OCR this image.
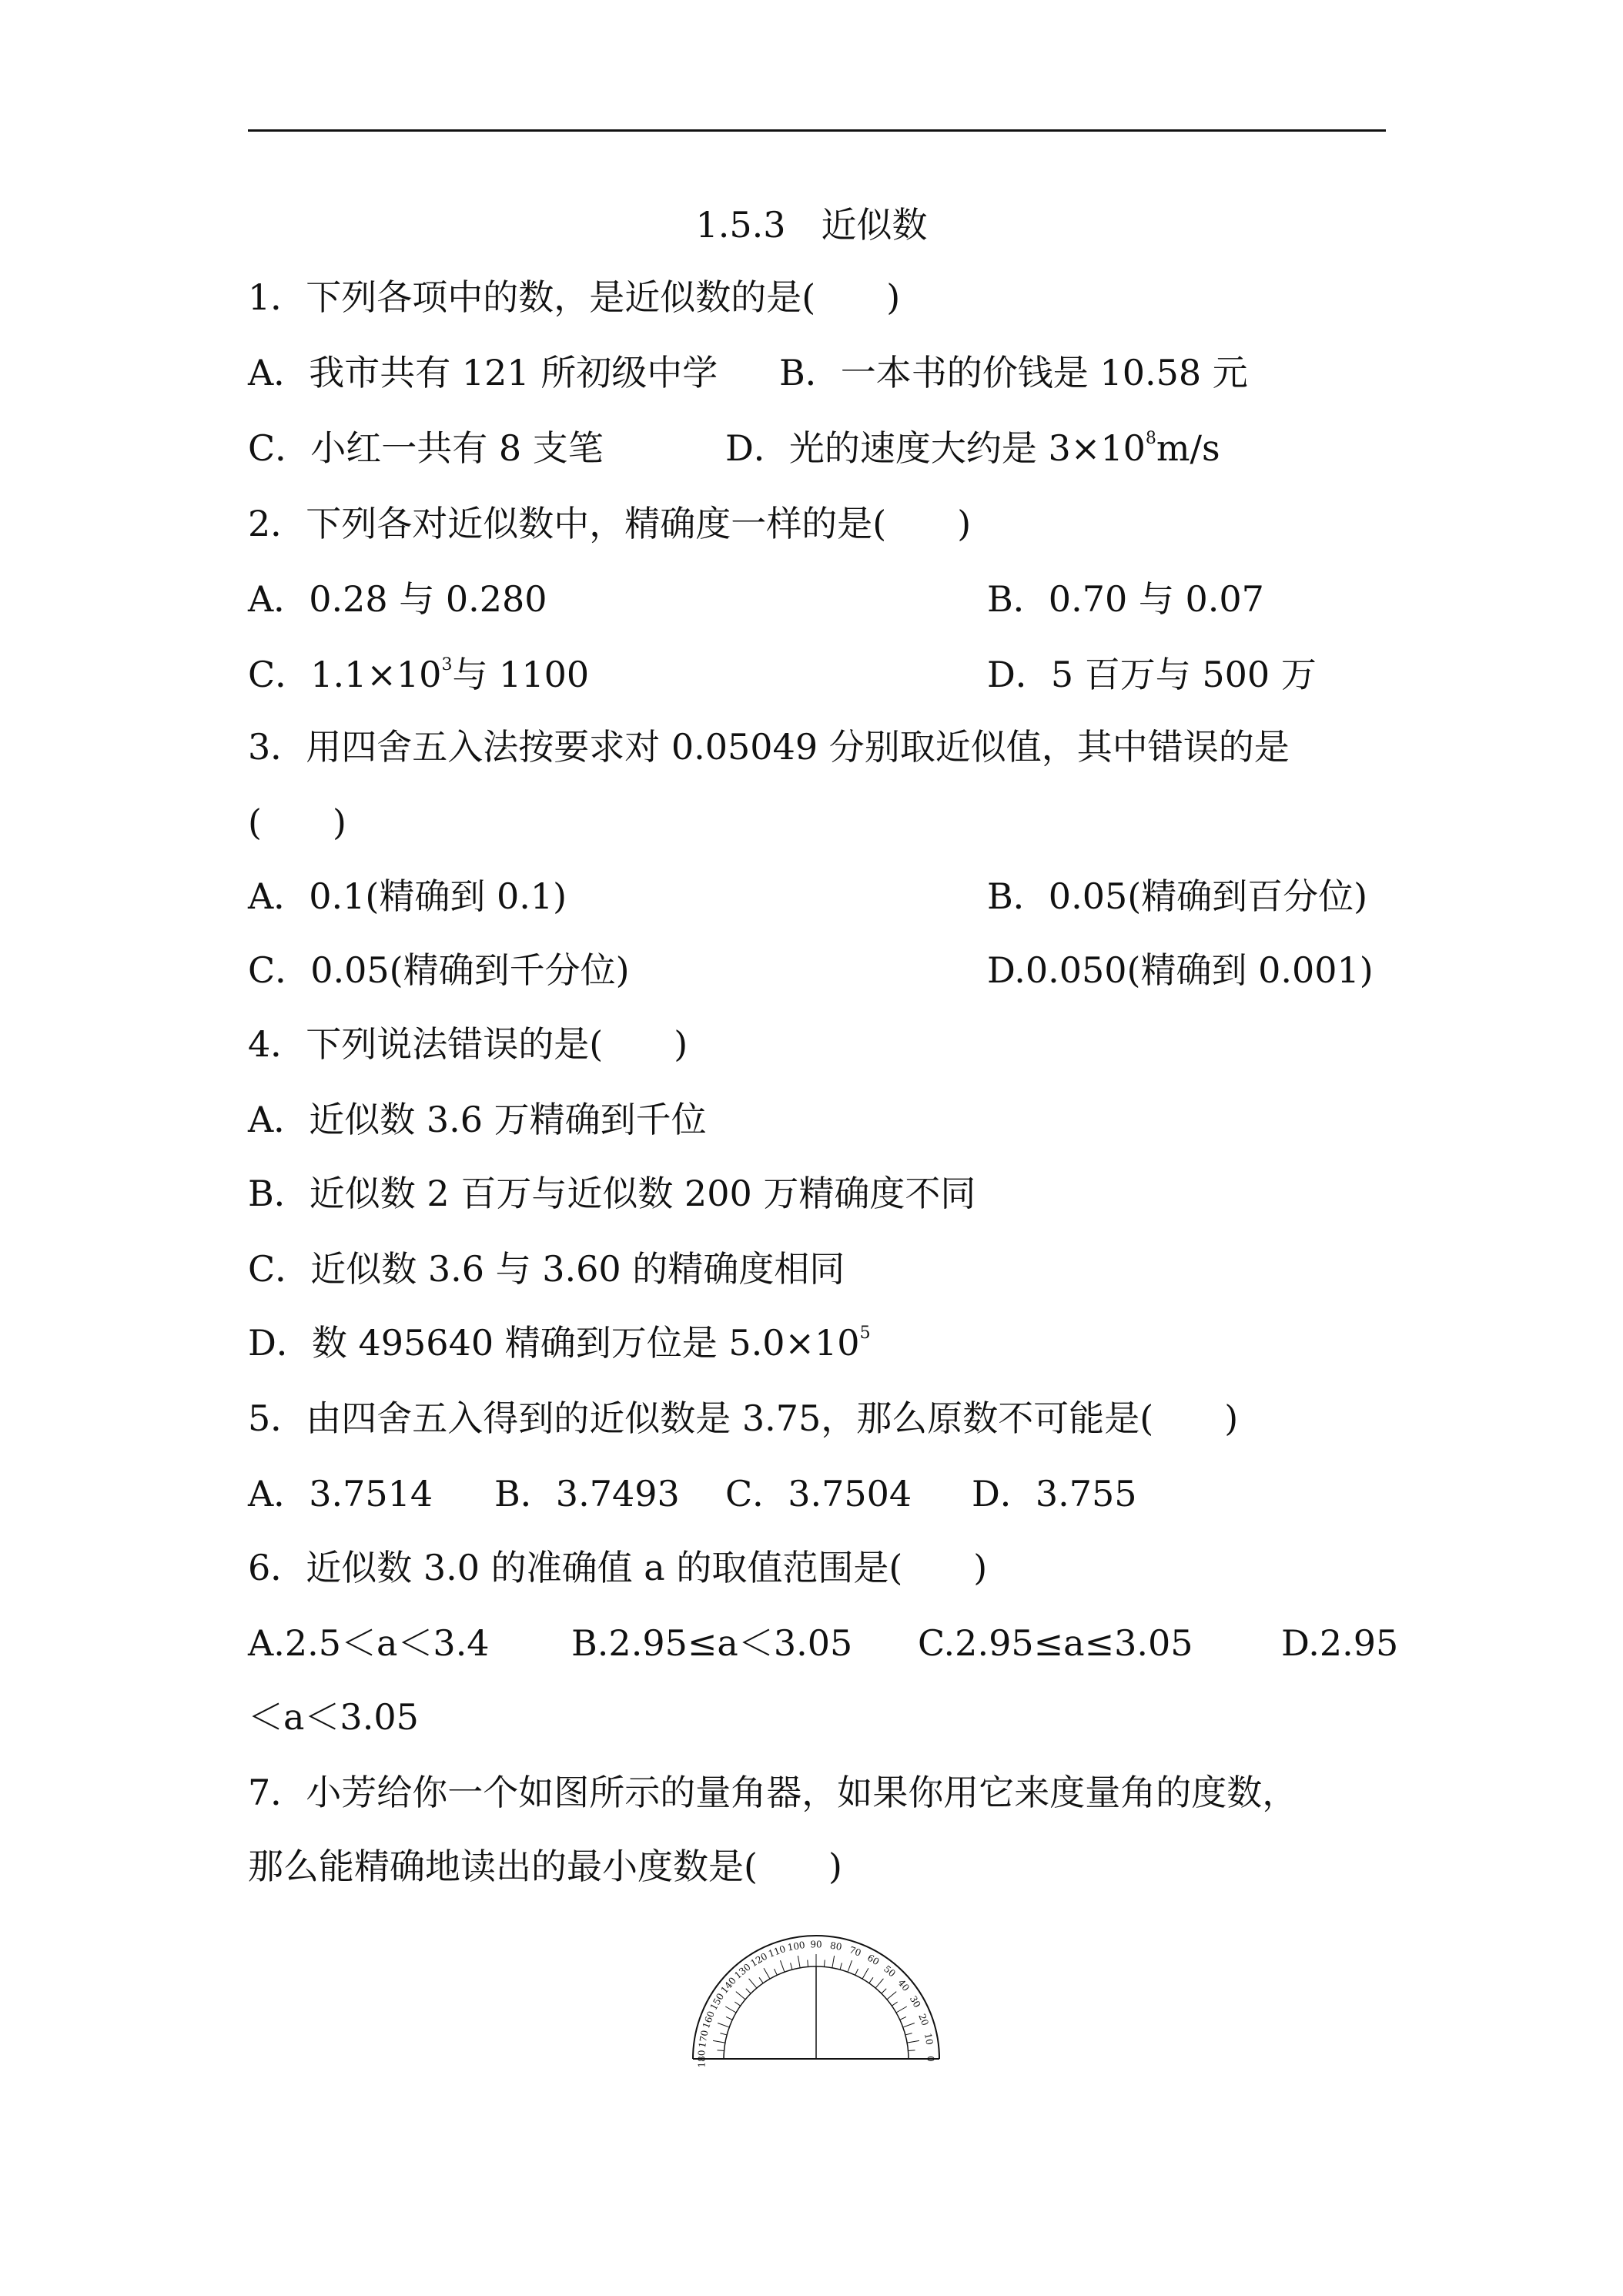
1.5.3　近似数
1．下列各项中的数，是近似数的是(　　)
A．我市共有 121 所初级中学 B．一本书的价钱是 10.58 元
C．小红一共有 8 支笔	D．光的速度大约是 $3\times 10^8m/s$
2．下列各对近似数中，精确度一样的是(　　)
A．0.28 与 0.280	B．0.70 与 0.07
C．$1.1\times 10^3$与 1100	D．5 百万与 500 万
3．用四舍五入法按要求对 0.05049 分别取近似值，其中错误的是
(　　)
A．0.1(精确到 0.1)	B．0.05(精确到百分位)
C．0.05(精确到千分位)	D.0.050(精确到 0.001)
4．下列说法错误的是(　　)
A．近似数 3.6 万精确到千位
B．近似数 2 百万与近似数 200 万精确度不同
C．近似数 3.6 与 3.60 的精确度相同
D．数 495640 精确到万位是 $5.0\times 10^5$
5．由四舍五入得到的近似数是 3.75，那么原数不可能是(　　)
A．3.7514 B．3.7493 C．3.7504 D．3.755
6．近似数 3.0 的准确值 a 的取值范围是(　　)
A.2.5＜a＜3.4 B.2.95≤a＜3.05 C.2.95≤a≤3.05 D.2.95
＜a＜3.05
7．小芳给你一个如图所示的量角器，如果你用它来度量角的度数，
那么能精确地读出的最小度数是(　　)
180
170
160
150
140
130
120
110 100 90 80 70
60
50
40
30
20
10
0
